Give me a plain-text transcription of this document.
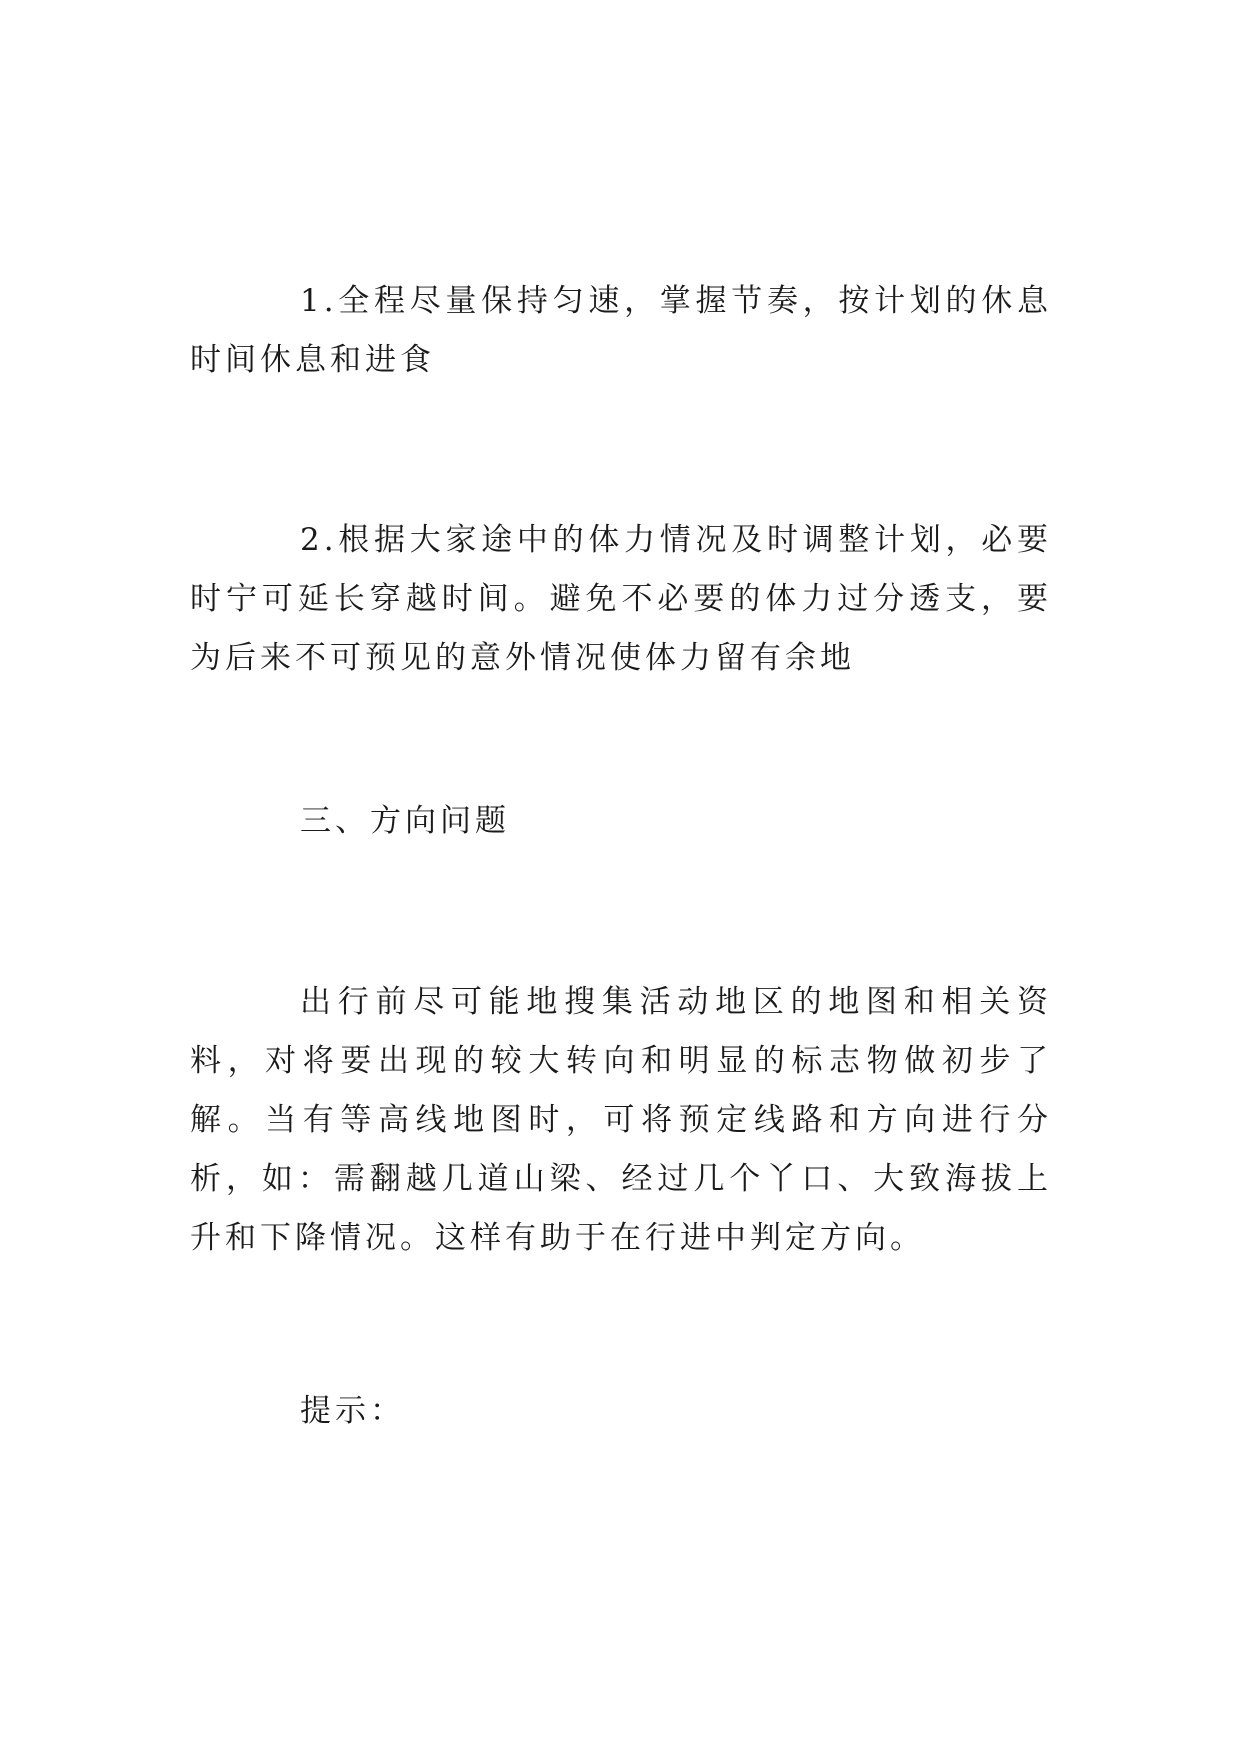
1.全程尽量保持匀速，掌握节奏，按计划的休息时间休息和进食

2.根据大家途中的体力情况及时调整计划，必要时宁可延长穿越时间。避免不必要的体力过分透支，要为后来不可预见的意外情况使体力留有余地

三、方向问题

出行前尽可能地搜集活动地区的地图和相关资料，对将要出现的较大转向和明显的标志物做初步了解。当有等高线地图时，可将预定线路和方向进行分析，如：需翻越几道山梁、经过几个丫口、大致海拔上升和下降情况。这样有助于在行进中判定方向。

提示：
